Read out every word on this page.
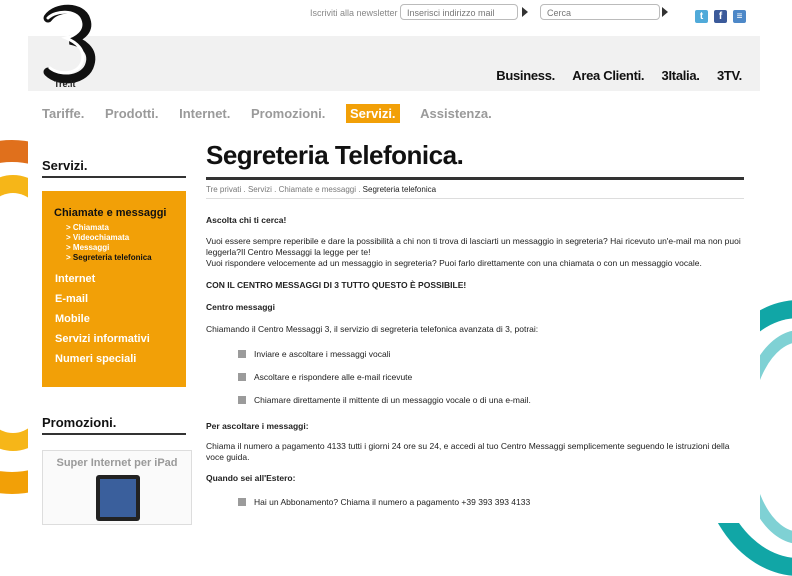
Iscriviti alla newsletter	Inserisci indirizzo mail	Cerca	t	f	≡
Tre.it
Business. Area Clienti. 3Italia. 3TV.
Tariffe. Prodotti. Internet. Promozioni. Servizi. Assistenza.
Servizi.
Chiamate e messaggi
> Chiamata
> Videochiamata
> Messaggi
> Segreteria telefonica
Internet
E-mail
Mobile
Servizi informativi
Numeri speciali
Promozioni.
Super Internet per iPad
Segreteria Telefonica.
Tre privati . Servizi . Chiamate e messaggi . Segreteria telefonica

Ascolta chi ti cerca!

Vuoi essere sempre reperibile e dare la possibilità a chi non ti trova di lasciarti un messaggio in segreteria? Hai ricevuto un'e-mail ma non puoi leggerla?Il Centro Messaggi la legge per te!

Vuoi rispondere velocemente ad un messaggio in segreteria? Puoi farlo direttamente con una chiamata o con un messaggio vocale.

CON IL CENTRO MESSAGGI DI 3 TUTTO QUESTO È POSSIBILE!

Centro messaggi

Chiamando il Centro Messaggi 3, il servizio di segreteria telefonica avanzata di 3, potrai:

Inviare e ascoltare i messaggi vocali
Ascoltare e rispondere alle e-mail ricevute
Chiamare direttamente il mittente di un messaggio vocale o di una e-mail.

Per ascoltare i messaggi:

Chiama il numero a pagamento 4133 tutti i giorni 24 ore su 24, e accedi al tuo Centro Messaggi semplicemente seguendo le istruzioni della voce guida.

Quando sei all'Estero:

Hai un Abbonamento? Chiama il numero a pagamento +39 393 393 4133
